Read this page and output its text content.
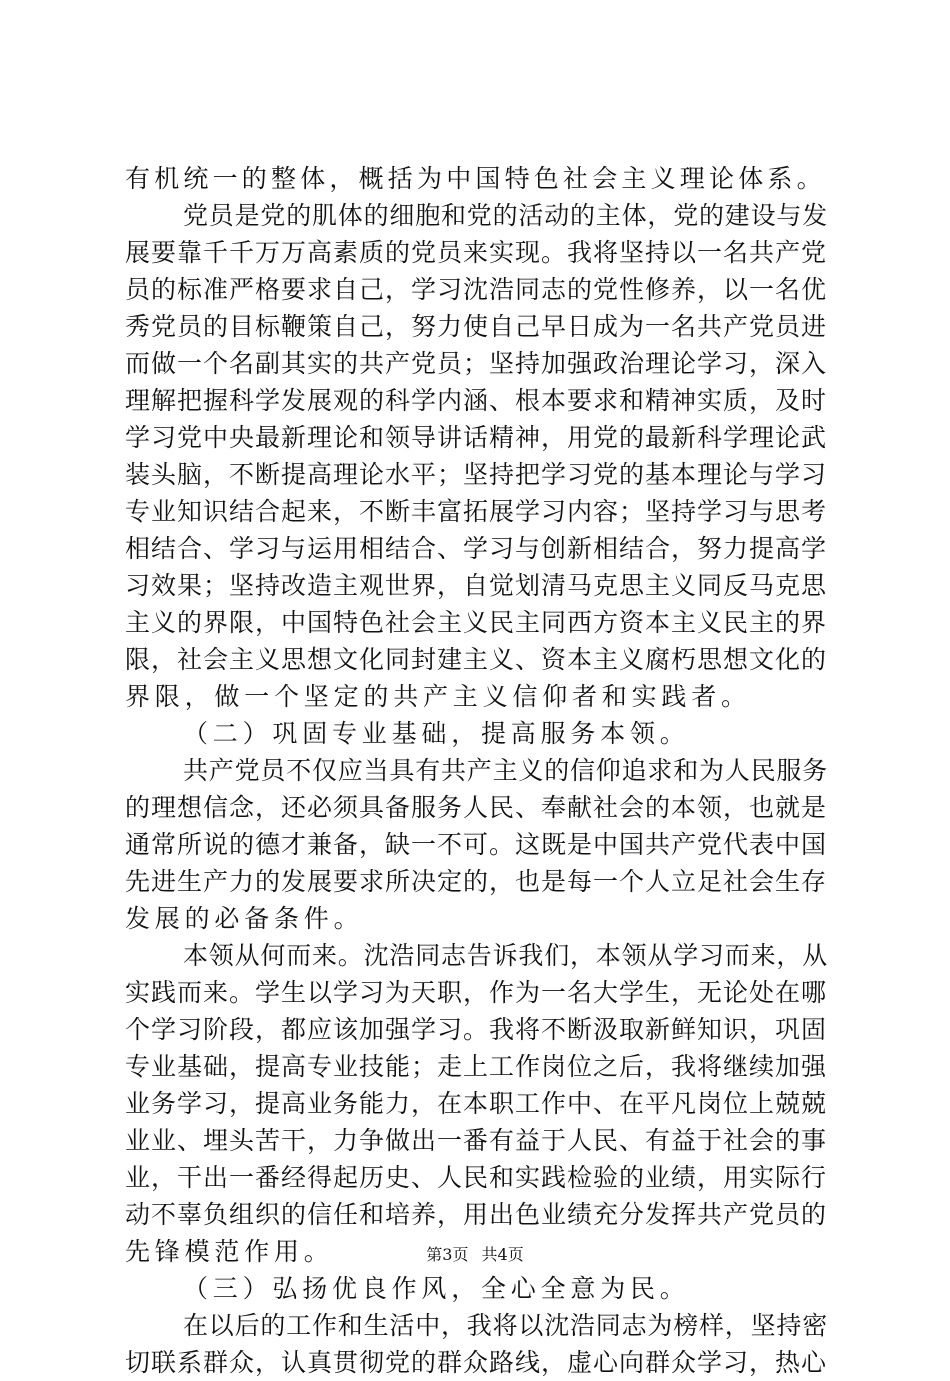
有机统一的整体，概括为中国特色社会主义理论体系。
党员是党的肌体的细胞和党的活动的主体，党的建设与发
展要靠千千万万高素质的党员来实现。我将坚持以一名共产党
员的标准严格要求自己，学习沈浩同志的党性修养，以一名优
秀党员的目标鞭策自己，努力使自己早日成为一名共产党员进
而做一个名副其实的共产党员；坚持加强政治理论学习，深入
理解把握科学发展观的科学内涵、根本要求和精神实质，及时
学习党中央最新理论和领导讲话精神，用党的最新科学理论武
装头脑，不断提高理论水平；坚持把学习党的基本理论与学习
专业知识结合起来，不断丰富拓展学习内容；坚持学习与思考
相结合、学习与运用相结合、学习与创新相结合，努力提高学
习效果；坚持改造主观世界，自觉划清马克思主义同反马克思
主义的界限，中国特色社会主义民主同西方资本主义民主的界
限，社会主义思想文化同封建主义、资本主义腐朽思想文化的
界限，做一个坚定的共产主义信仰者和实践者。
（二）巩固专业基础，提高服务本领。
共产党员不仅应当具有共产主义的信仰追求和为人民服务
的理想信念，还必须具备服务人民、奉献社会的本领，也就是
通常所说的德才兼备，缺一不可。这既是中国共产党代表中国
先进生产力的发展要求所决定的，也是每一个人立足社会生存
发展的必备条件。
本领从何而来。沈浩同志告诉我们，本领从学习而来，从
实践而来。学生以学习为天职，作为一名大学生，无论处在哪
个学习阶段，都应该加强学习。我将不断汲取新鲜知识，巩固
专业基础，提高专业技能；走上工作岗位之后，我将继续加强
业务学习，提高业务能力，在本职工作中、在平凡岗位上兢兢
业业、埋头苦干，力争做出一番有益于人民、有益于社会的事
业，干出一番经得起历史、人民和实践检验的业绩，用实际行
动不辜负组织的信任和培养，用出色业绩充分发挥共产党员的
先锋模范作用。
（三）弘扬优良作风，全心全意为民。
在以后的工作和生活中，我将以沈浩同志为榜样，坚持密
切联系群众，认真贯彻党的群众路线，虚心向群众学习，热心
第3页 共4页
